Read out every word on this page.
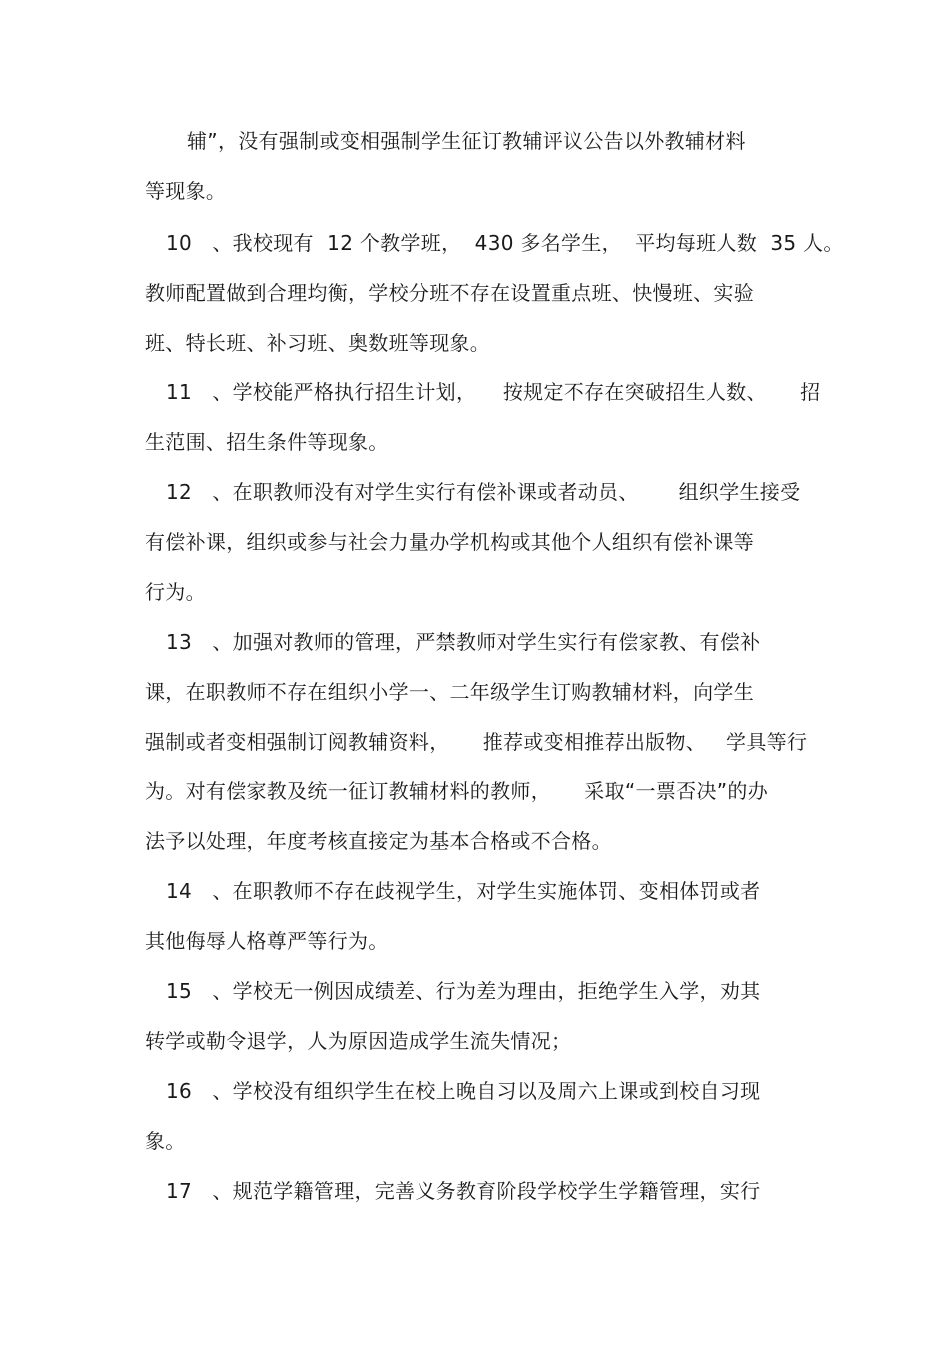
辅”，没有强制或变相强制学生征订教辅评议公告以外教辅材料
等现象。
10　、我校现有  12 个教学班，  430 多名学生，  平均每班人数  35 人。
教师配置做到合理均衡，学校分班不存在设置重点班、快慢班、实验
班、特长班、补习班、奥数班等现象。
11　、学校能严格执行招生计划，    按规定不存在突破招生人数、     招
生范围、招生条件等现象。
12　、在职教师没有对学生实行有偿补课或者动员、      组织学生接受
有偿补课，组织或参与社会力量办学机构或其他个人组织有偿补课等
行为。
13　、加强对教师的管理，严禁教师对学生实行有偿家教、有偿补
课，在职教师不存在组织小学一、二年级学生订购教辅材料，向学生
强制或者变相强制订阅教辅资料，     推荐或变相推荐出版物、   学具等行
为。对有偿家教及统一征订教辅材料的教师，     采取“一票否决”的办
法予以处理，年度考核直接定为基本合格或不合格。
14　、在职教师不存在歧视学生，对学生实施体罚、变相体罚或者
其他侮辱人格尊严等行为。
15　、学校无一例因成绩差、行为差为理由，拒绝学生入学，劝其
转学或勒令退学，人为原因造成学生流失情况；
16　、学校没有组织学生在校上晚自习以及周六上课或到校自习现
象。
17　、规范学籍管理，完善义务教育阶段学校学生学籍管理，实行
